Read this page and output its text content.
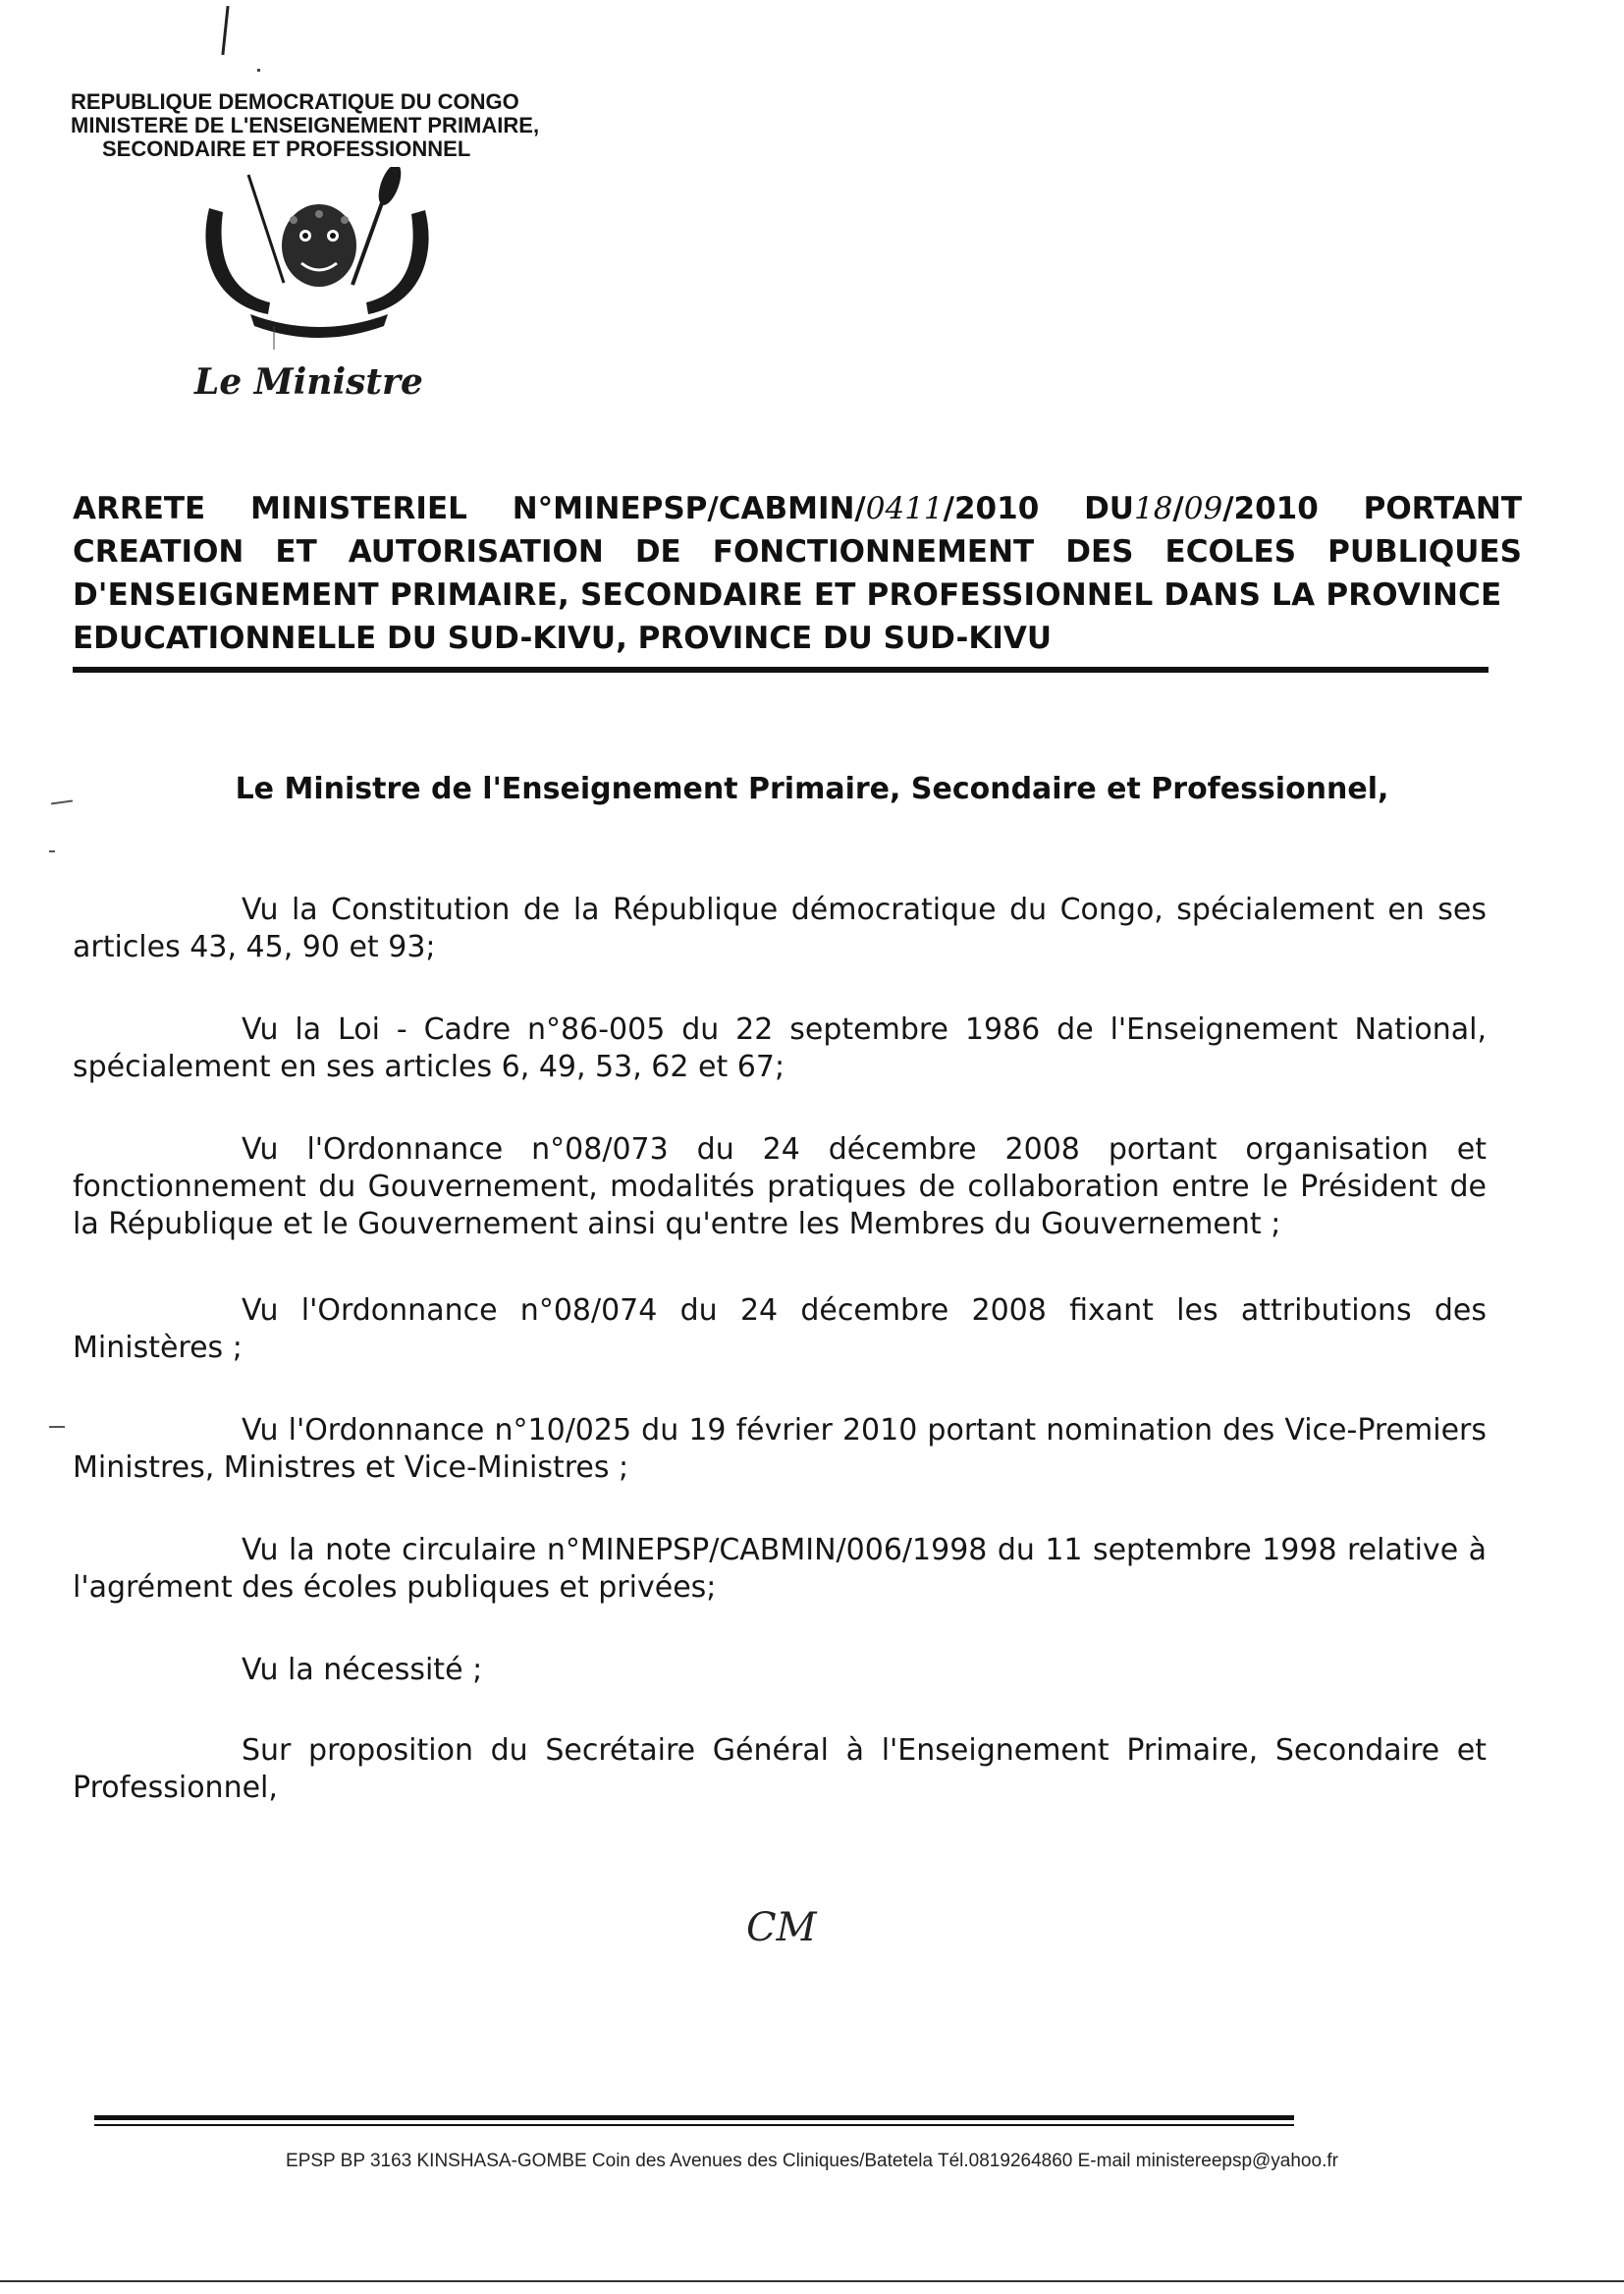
REPUBLIQUE DEMOCRATIQUE DU CONGO
MINISTERE DE L'ENSEIGNEMENT PRIMAIRE,
SECONDAIRE ET PROFESSIONNEL
Le Ministre
ARRETE MINISTERIEL N°MINEPSP/CABMIN/0411/2010 DU18/09/2010 PORTANT
CREATION ET AUTORISATION DE FONCTIONNEMENT DES ECOLES PUBLIQUES
D'ENSEIGNEMENT PRIMAIRE, SECONDAIRE ET PROFESSIONNEL DANS LA PROVINCE
EDUCATIONNELLE DU SUD-KIVU, PROVINCE DU SUD-KIVU
Le Ministre de l'Enseignement Primaire, Secondaire et Professionnel,
Vu la Constitution de la République démocratique du Congo, spécialement en ses articles 43, 45, 90 et 93;
Vu la Loi - Cadre n°86-005 du 22 septembre 1986 de l'Enseignement National, spécialement en ses articles 6, 49, 53, 62 et 67;
Vu l'Ordonnance n°08/073 du 24 décembre 2008 portant organisation et fonctionnement du Gouvernement, modalités pratiques de collaboration entre le Président de la République et le Gouvernement ainsi qu'entre les Membres du Gouvernement ;
Vu l'Ordonnance n°08/074 du 24 décembre 2008 fixant les attributions des Ministères ;
Vu l'Ordonnance n°10/025 du 19 février 2010 portant nomination des Vice-Premiers Ministres, Ministres et Vice-Ministres ;
Vu la note circulaire n°MINEPSP/CABMIN/006/1998 du 11 septembre 1998 relative à l'agrément des écoles publiques et privées;
Vu la nécessité ;
Sur proposition du Secrétaire Général à l'Enseignement Primaire, Secondaire et Professionnel,
CM
EPSP BP 3163 KINSHASA-GOMBE Coin des Avenues des Cliniques/Batetela Tél.0819264860 E-mail ministereepsp@yahoo.fr
